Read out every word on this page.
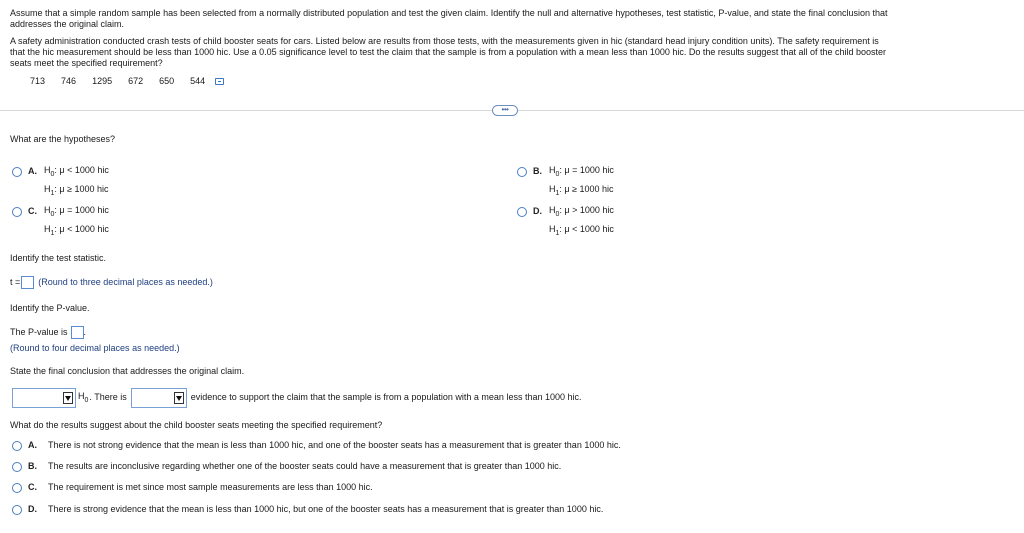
Assume that a simple random sample has been selected from a normally distributed population and test the given claim. Identify the null and alternative hypotheses, test statistic, P-value, and state the final conclusion that

addresses the original claim.

A safety administration conducted crash tests of child booster seats for cars. Listed below are results from those tests, with the measurements given in hic (standard head injury condition units). The safety requirement is

that the hic measurement should be less than 1000 hic. Use a 0.05 significance level to test the claim that the sample is from a population with a mean less than 1000 hic. Do the results suggest that all of the child booster

seats meet the specified requirement?

713 746 1295 672 650 544
•••
What are the hypotheses?
A. $H_0$: μ < 1000 hic
$H_1$: μ ≥ 1000 hic
B. $H_0$: μ = 1000 hic
$H_1$: μ ≥ 1000 hic
C. $H_0$: μ = 1000 hic
$H_1$: μ < 1000 hic
D. $H_0$: μ > 1000 hic
$H_1$: μ < 1000 hic
Identify the test statistic.
t = (Round to three decimal places as needed.)
Identify the P-value.
The P-value is .
(Round to four decimal places as needed.)
State the final conclusion that addresses the original claim.
$H_0$ . There is	evidence to support the claim that the sample is from a population with a mean less than 1000 hic.
What do the results suggest about the child booster seats meeting the specified requirement?
A.	There is not strong evidence that the mean is less than 1000 hic, and one of the booster seats has a measurement that is greater than 1000 hic.
B.	The results are inconclusive regarding whether one of the booster seats could have a measurement that is greater than 1000 hic.
C.	The requirement is met since most sample measurements are less than 1000 hic.
D.	There is strong evidence that the mean is less than 1000 hic, but one of the booster seats has a measurement that is greater than 1000 hic.
